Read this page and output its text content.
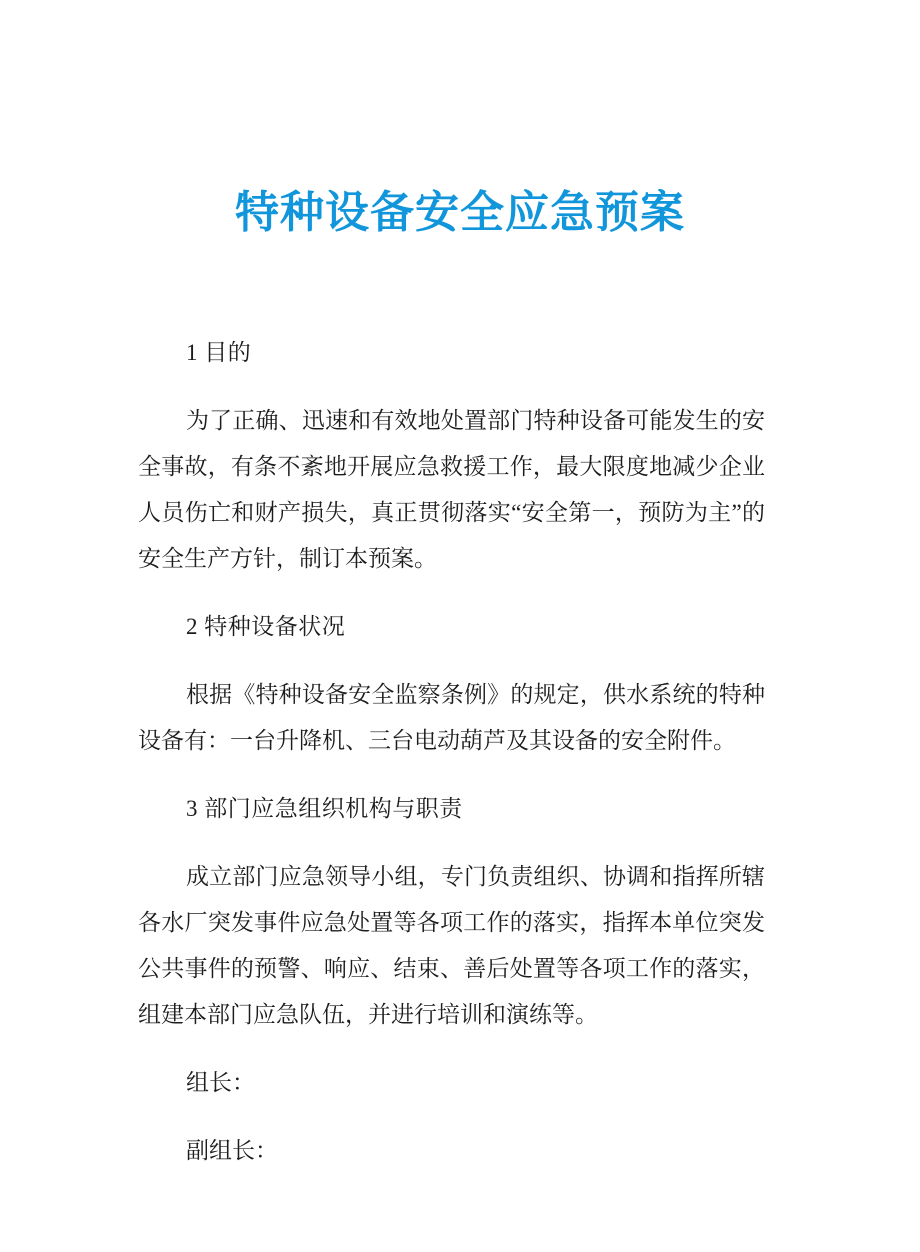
特种设备安全应急预案
1 目的
为了正确、迅速和有效地处置部门特种设备可能发生的安
全事故，有条不紊地开展应急救援工作，最大限度地减少企业
人员伤亡和财产损失，真正贯彻落实“安全第一，预防为主”的
安全生产方针，制订本预案。
2 特种设备状况
根据《特种设备安全监察条例》的规定，供水系统的特种
设备有：一台升降机、三台电动葫芦及其设备的安全附件。
3 部门应急组织机构与职责
成立部门应急领导小组，专门负责组织、协调和指挥所辖
各水厂突发事件应急处置等各项工作的落实，指挥本单位突发
公共事件的预警、响应、结束、善后处置等各项工作的落实，
组建本部门应急队伍，并进行培训和演练等。
组长：
副组长：
